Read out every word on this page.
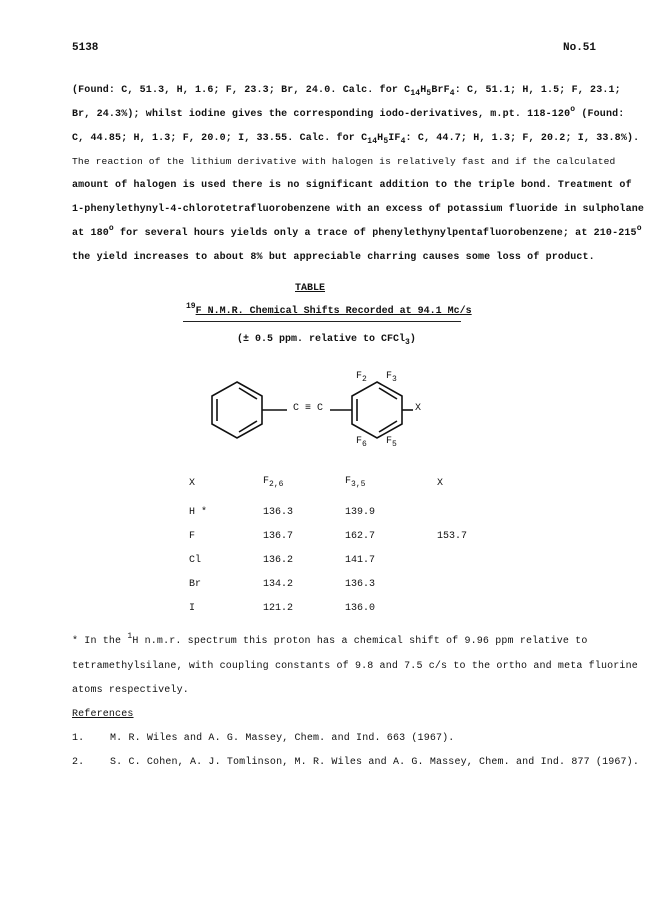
5138	No.51
(Found: C, 51.3, H, 1.6; F, 23.3; Br, 24.0. Calc. for $C_{14}H_5BrF_4$: C, 51.1; H, 1.5; F, 23.1;
Br, 24.3%); whilst iodine gives the corresponding iodo-derivatives, m.pt. 118-120$^o$ (Found:
C, 44.85; H, 1.3; F, 20.0; I, 33.55. Calc. for $C_{14}H_5IF_4$: C, 44.7; H, 1.3; F, 20.2; I, 33.8%).
The reaction of the lithium derivative with halogen is relatively fast and if the calculated
amount of halogen is used there is no significant addition to the triple bond. Treatment of
1-phenylethynyl-4-chlorotetrafluorobenzene with an excess of potassium fluoride in sulpholane
at 180$^o$ for several hours yields only a trace of phenylethynylpentafluorobenzene; at 210-215$^o$
the yield increases to about 8% but appreciable charring causes some loss of product.
TABLE
$^{19}$F N.M.R. Chemical Shifts Recorded at 94.1 Mc/s
(± 0.5 ppm. relative to CFCl$_3$)
C ≡ C
$F_2$ $F_3$
$F_6$ $F_5$
X
X	$F_{2,6}$	$F_{3,5}$	X
H *	136.3	139.9
F	136.7	162.7	153.7
Cl	136.2	141.7
Br	134.2	136.3
I	121.2	136.0
* In the $^1$H n.m.r. spectrum this proton has a chemical shift of 9.96 ppm relative to
tetramethylsilane, with coupling constants of 9.8 and 7.5 c/s to the ortho and meta fluorine
atoms respectively.
References
1.	M. R. Wiles and A. G. Massey, Chem. and Ind. 663 (1967).
2.	S. C. Cohen, A. J. Tomlinson, M. R. Wiles and A. G. Massey, Chem. and Ind. 877 (1967).
